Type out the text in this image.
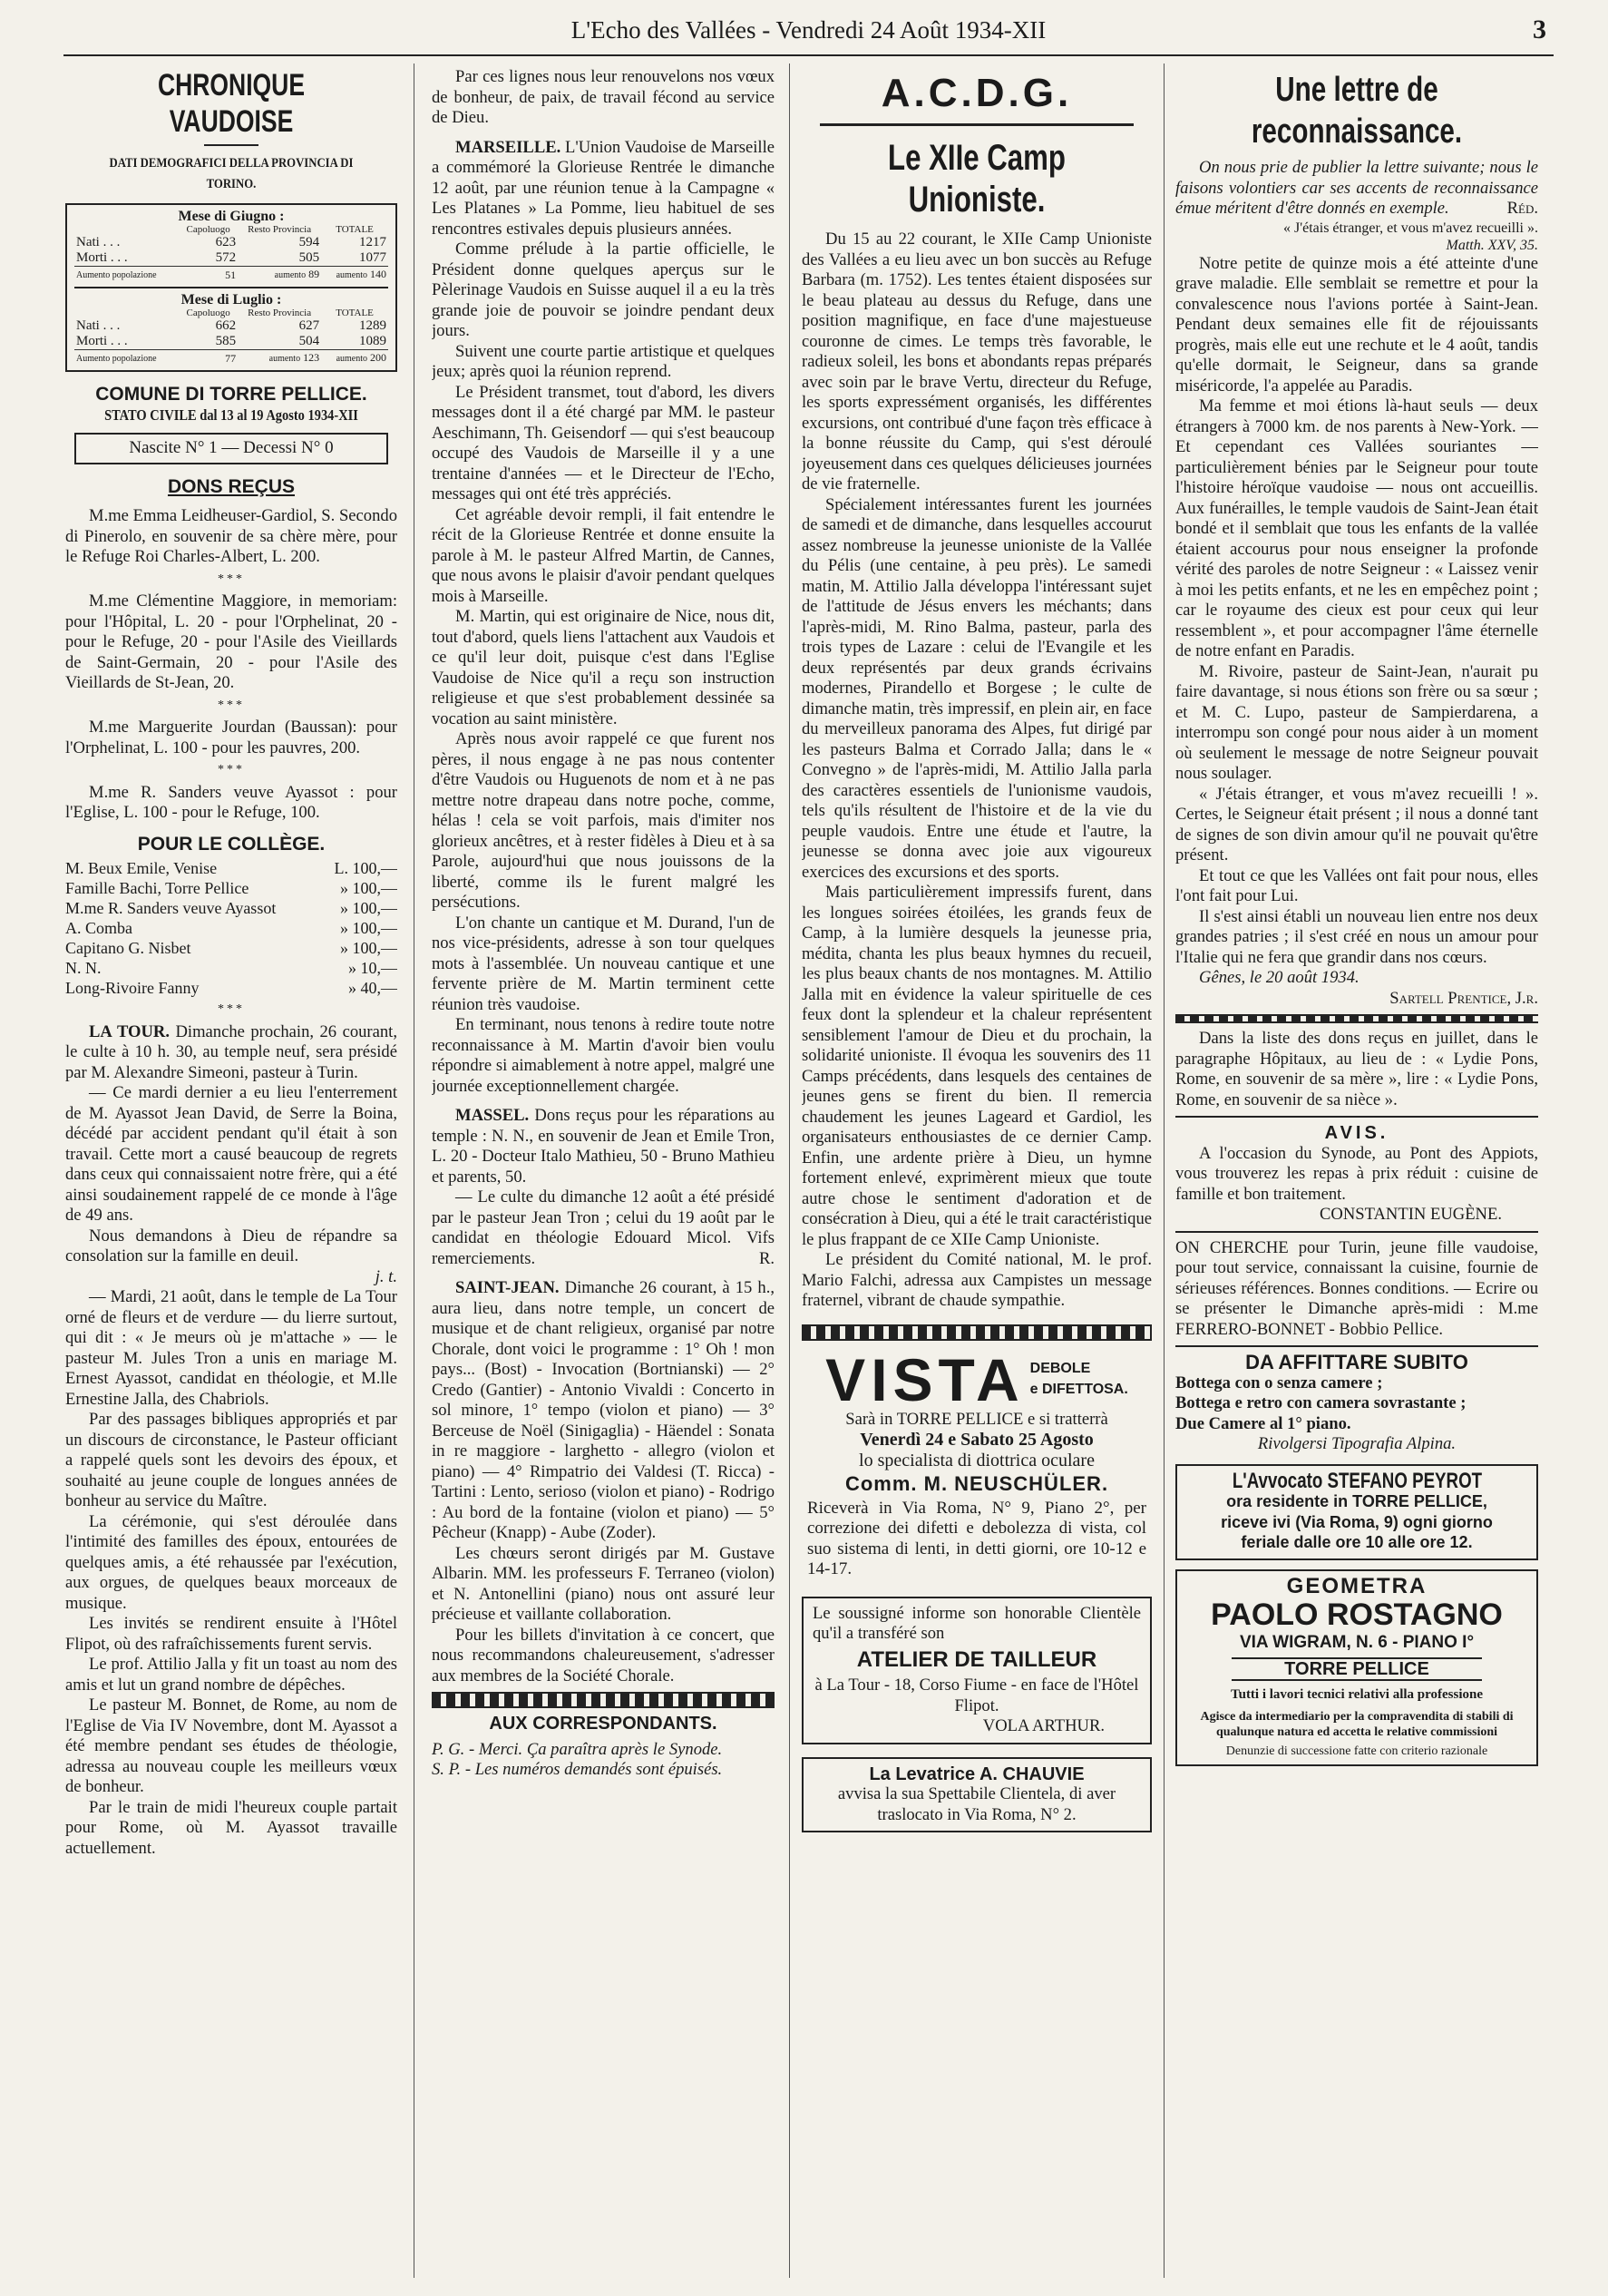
L'Echo des Vallées - Vendredi 24 Août 1934-XII	3
CHRONIQUE VAUDOISE
DATI DEMOGRAFICI DELLA PROVINCIA DI TORINO.
Mese di Giugno :			
	Capoluogo	Resto Provincia	TOTALE
Nati . . .	623	594	1217
Morti . . .	572	505	1077
Aumento popolazione	51	aumento 89	aumento 140
Mese di Luglio :			
	Capoluogo	Resto Provincia	TOTALE
Nati . . .	662	627	1289
Morti . . .	585	504	1089
Aumento popolazione	77	aumento 123	aumento 200
COMUNE DI TORRE PELLICE.
STATO CIVILE dal 13 al 19 Agosto 1934-XII
Nascite N° 1 — Decessi N° 0
DONS REÇUS

M.me Emma Leidheuser-Gardiol, S. Secondo di Pinerolo, en souvenir de sa chère mère, pour le Refuge Roi Charles-Albert, L. 200.

***

M.me Clémentine Maggiore, in memoriam: pour l'Hôpital, L. 20 - pour l'Orphelinat, 20 - pour le Refuge, 20 - pour l'Asile des Vieillards de Saint-Germain, 20 - pour l'Asile des Vieillards de St-Jean, 20.

***

M.me Marguerite Jourdan (Baussan): pour l'Orphelinat, L. 100 - pour les pauvres, 200.

***

M.me R. Sanders veuve Ayassot : pour l'Eglise, L. 100 - pour le Refuge, 100.

POUR LE COLLÈGE.
M. Beux Emile, Venise	L. 100,—
Famille Bachi, Torre Pellice	» 100,—
M.me R. Sanders veuve Ayassot	» 100,—
A. Comba	» 100,—
Capitano G. Nisbet	» 100,—
N. N.	» 10,—
Long-Rivoire Fanny	» 40,—
***

LA TOUR. Dimanche prochain, 26 courant, le culte à 10 h. 30, au temple neuf, sera présidé par M. Alexandre Simeoni, pasteur à Turin.

— Ce mardi dernier a eu lieu l'enterrement de M. Ayassot Jean David, de Serre la Boina, décédé par accident pendant qu'il était à son travail. Cette mort a causé beaucoup de regrets dans ceux qui connaissaient notre frère, qui a été ainsi soudainement rappelé de ce monde à l'âge de 49 ans.

Nous demandons à Dieu de répandre sa consolation sur la famille en deuil.

j. t.

— Mardi, 21 août, dans le temple de La Tour orné de fleurs et de verdure — du lierre surtout, qui dit : « Je meurs où je m'attache » — le pasteur M. Jules Tron a unis en mariage M. Ernest Ayassot, candidat en théologie, et M.lle Ernestine Jalla, des Chabriols.

Par des passages bibliques appropriés et par un discours de circonstance, le Pasteur officiant a rappelé quels sont les devoirs des époux, et souhaité au jeune couple de longues années de bonheur au service du Maître.

La cérémonie, qui s'est déroulée dans l'intimité des familles des époux, entourées de quelques amis, a été rehaussée par l'exécution, aux orgues, de quelques beaux morceaux de musique.

Les invités se rendirent ensuite à l'Hôtel Flipot, où des rafraîchissements furent servis.

Le prof. Attilio Jalla y fit un toast au nom des amis et lut un grand nombre de dépêches.

Le pasteur M. Bonnet, de Rome, au nom de l'Eglise de Via IV Novembre, dont M. Ayassot a été membre pendant ses études de théologie, adressa au nouveau couple les meilleurs vœux de bonheur.

Par le train de midi l'heureux couple partait pour Rome, où M. Ayassot travaille actuellement.

Par ces lignes nous leur renouvelons nos vœux de bonheur, de paix, de travail fécond au service de Dieu.

MARSEILLE. L'Union Vaudoise de Marseille a commémoré la Glorieuse Rentrée le dimanche 12 août, par une réunion tenue à la Campagne « Les Platanes » La Pomme, lieu habituel de ses rencontres estivales depuis plusieurs années.

Comme prélude à la partie officielle, le Président donne quelques aperçus sur le Pèlerinage Vaudois en Suisse auquel il a eu la très grande joie de pouvoir se joindre pendant deux jours.

Suivent une courte partie artistique et quelques jeux; après quoi la réunion reprend.

Le Président transmet, tout d'abord, les divers messages dont il a été chargé par MM. le pasteur Aeschimann, Th. Geisendorf — qui s'est beaucoup occupé des Vaudois de Marseille il y a une trentaine d'années — et le Directeur de l'Echo, messages qui ont été très appréciés.

Cet agréable devoir rempli, il fait entendre le récit de la Glorieuse Rentrée et donne ensuite la parole à M. le pasteur Alfred Martin, de Cannes, que nous avons le plaisir d'avoir pendant quelques mois à Marseille.

M. Martin, qui est originaire de Nice, nous dit, tout d'abord, quels liens l'attachent aux Vaudois et ce qu'il leur doit, puisque c'est dans l'Eglise Vaudoise de Nice qu'il a reçu son instruction religieuse et que s'est probablement dessinée sa vocation au saint ministère.

Après nous avoir rappelé ce que furent nos pères, il nous engage à ne pas nous contenter d'être Vaudois ou Huguenots de nom et à ne pas mettre notre drapeau dans notre poche, comme, hélas ! cela se voit parfois, mais d'imiter nos glorieux ancêtres, et à rester fidèles à Dieu et à sa Parole, aujourd'hui que nous jouissons de la liberté, comme ils le furent malgré les persécutions.

L'on chante un cantique et M. Durand, l'un de nos vice-présidents, adresse à son tour quelques mots à l'assemblée. Un nouveau cantique et une fervente prière de M. Martin terminent cette réunion très vaudoise.

En terminant, nous tenons à redire toute notre reconnaissance à M. Martin d'avoir bien voulu répondre si aimablement à notre appel, malgré une journée exceptionnellement chargée.

MASSEL. Dons reçus pour les réparations au temple : N. N., en souvenir de Jean et Emile Tron, L. 20 - Docteur Italo Mathieu, 50 - Bruno Mathieu et parents, 50.

— Le culte du dimanche 12 août a été présidé par le pasteur Jean Tron ; celui du 19 août par le candidat en théologie Edouard Micol. Vifs remerciements.	R.

SAINT-JEAN. Dimanche 26 courant, à 15 h., aura lieu, dans notre temple, un concert de musique et de chant religieux, organisé par notre Chorale, dont voici le programme : 1° Oh ! mon pays... (Bost) - Invocation (Bortnianski) — 2° Credo (Gantier) - Antonio Vivaldi : Concerto in sol minore, 1° tempo (violon et piano) — 3° Berceuse de Noël (Sinigaglia) - Häendel : Sonata in re maggiore - larghetto - allegro (violon et piano) — 4° Rimpatrio dei Valdesi (T. Ricca) - Tartini : Lento, serioso (violon et piano) - Rodrigo : Au bord de la fontaine (violon et piano) — 5° Pêcheur (Knapp) - Aube (Zoder).

Les chœurs seront dirigés par M. Gustave Albarin. MM. les professeurs F. Terraneo (violon) et N. Antonellini (piano) nous ont assuré leur précieuse et vaillante collaboration.

Pour les billets d'invitation à ce concert, que nous recommandons chaleureusement, s'adresser aux membres de la Société Chorale.

AUX CORRESPONDANTS.
P. G. - Merci. Ça paraîtra après le Synode.
S. P. - Les numéros demandés sont épuisés.
A.C.D.G.
Le XIIe Camp Unioniste.

Du 15 au 22 courant, le XIIe Camp Unioniste des Vallées a eu lieu avec un bon succès au Refuge Barbara (m. 1752). Les tentes étaient disposées sur le beau plateau au dessus du Refuge, dans une position magnifique, en face d'une majestueuse couronne de cimes. Le temps très favorable, le radieux soleil, les bons et abondants repas préparés avec soin par le brave Vertu, directeur du Refuge, les sports expressément organisés, les différentes excursions, ont contribué d'une façon très efficace à la bonne réussite du Camp, qui s'est déroulé joyeusement dans ces quelques délicieuses journées de vie fraternelle.

Spécialement intéressantes furent les journées de samedi et de dimanche, dans lesquelles accourut assez nombreuse la jeunesse unioniste de la Vallée du Pélis (une centaine, à peu près). Le samedi matin, M. Attilio Jalla développa l'intéressant sujet de l'attitude de Jésus envers les méchants; dans l'après-midi, M. Rino Balma, pasteur, parla des trois types de Lazare : celui de l'Evangile et les deux représentés par deux grands écrivains modernes, Pirandello et Borgese ; le culte de dimanche matin, très impressif, en plein air, en face du merveilleux panorama des Alpes, fut dirigé par les pasteurs Balma et Corrado Jalla; dans le « Convegno » de l'après-midi, M. Attilio Jalla parla des caractères essentiels de l'unionisme vaudois, tels qu'ils résultent de l'histoire et de la vie du peuple vaudois. Entre une étude et l'autre, la jeunesse se donna avec joie aux vigoureux exercices des excursions et des sports.

Mais particulièrement impressifs furent, dans les longues soirées étoilées, les grands feux de Camp, à la lumière desquels la jeunesse pria, médita, chanta les plus beaux hymnes du recueil, les plus beaux chants de nos montagnes. M. Attilio Jalla mit en évidence la valeur spirituelle de ces feux dont la splendeur et la chaleur représentent sensiblement l'amour de Dieu et du prochain, la solidarité unioniste. Il évoqua les souvenirs des 11 Camps précédents, dans lesquels des centaines de jeunes gens se firent du bien. Il remercia chaudement les jeunes Lageard et Gardiol, les organisateurs enthousiastes de ce dernier Camp. Enfin, une ardente prière à Dieu, un hymne fortement enlevé, exprimèrent mieux que toute autre chose le sentiment d'adoration et de consécration à Dieu, qui a été le trait caractéristique le plus frappant de ce XIIe Camp Unioniste.

Le président du Comité national, M. le prof. Mario Falchi, adressa aux Campistes un message fraternel, vibrant de chaude sympathie.

VISTA DEBOLE
e DIFETTOSA.
Sarà in TORRE PELLICE e si tratterrà
Venerdì 24 e Sabato 25 Agosto
lo specialista di diottrica oculare
Comm. M. NEUSCHÜLER.
Riceverà in Via Roma, N° 9, Piano 2°, per correzione dei difetti e debolezza di vista, col suo sistema di lenti, in detti giorni, ore 10-12 e 14-17.
Le soussigné informe son honorable Clientèle qu'il a transféré son
ATELIER DE TAILLEUR
à La Tour - 18, Corso Fiume - en face de l'Hôtel Flipot.
VOLA ARTHUR.
La Levatrice A. CHAUVIE
avvisa la sua Spettabile Clientela, di aver traslocato in Via Roma, N° 2.
Une lettre de reconnaissance.

On nous prie de publier la lettre suivante; nous le faisons volontiers car ses accents de reconnaissance émue méritent d'être donnés en exemple.	Réd.

« J'étais étranger, et vous m'avez recueilli ».
Matth. XXV, 35.

Notre petite de quinze mois a été atteinte d'une grave maladie. Elle semblait se remettre et pour la convalescence nous l'avions portée à Saint-Jean. Pendant deux semaines elle fit de réjouissants progrès, mais elle eut une rechute et le 4 août, tandis qu'elle dormait, le Seigneur, dans sa grande miséricorde, l'a appelée au Paradis.

Ma femme et moi étions là-haut seuls — deux étrangers à 7000 km. de nos parents à New-York. — Et cependant ces Vallées souriantes — particulièrement bénies par le Seigneur pour toute l'histoire héroïque vaudoise — nous ont accueillis. Aux funérailles, le temple vaudois de Saint-Jean était bondé et il semblait que tous les enfants de la vallée étaient accourus pour nous enseigner la profonde vérité des paroles de notre Seigneur : « Laissez venir à moi les petits enfants, et ne les en empêchez point ; car le royaume des cieux est pour ceux qui leur ressemblent », et pour accompagner l'âme éternelle de notre enfant en Paradis.

M. Rivoire, pasteur de Saint-Jean, n'aurait pu faire davantage, si nous étions son frère ou sa sœur ; et M. C. Lupo, pasteur de Sampierdarena, a interrompu son congé pour nous aider à un moment où seulement le message de notre Seigneur pouvait nous soulager.

« J'étais étranger, et vous m'avez recueilli ! ». Certes, le Seigneur était présent ; il nous a donné tant de signes de son divin amour qu'il ne pouvait qu'être présent.

Et tout ce que les Vallées ont fait pour nous, elles l'ont fait pour Lui.

Il s'est ainsi établi un nouveau lien entre nos deux grandes patries ; il s'est créé en nous un amour pour l'Italie qui ne fera que grandir dans nos cœurs.

Gênes, le 20 août 1934.

Sartell Prentice, J.r.

Dans la liste des dons reçus en juillet, dans le paragraphe Hôpitaux, au lieu de : « Lydie Pons, Rome, en souvenir de sa mère », lire : « Lydie Pons, Rome, en souvenir de sa nièce ».

AVIS.

A l'occasion du Synode, au Pont des Appiots, vous trouverez les repas à prix réduit : cuisine de famille et bon traitement.

CONSTANTIN EUGÈNE.
ON CHERCHE pour Turin, jeune fille vaudoise, pour tout service, connaissant la cuisine, fournie de sérieuses références. Bonnes conditions. — Ecrire ou se présenter le Dimanche après-midi : M.me FERRERO-BONNET - Bobbio Pellice.
DA AFFITTARE SUBITO
Bottega con o senza camere ;
Bottega e retro con camera sovrastante ;
Due Camere al 1° piano.
Rivolgersi Tipografia Alpina.
L'Avvocato STEFANO PEYROT
ora residente in TORRE PELLICE,
riceve ivi (Via Roma, 9) ogni giorno
feriale dalle ore 10 alle ore 12.
GEOMETRA
PAOLO ROSTAGNO
VIA WIGRAM, N. 6 - PIANO I°
TORRE PELLICE
Tutti i lavori tecnici relativi alla professione
Agisce da intermediario per la compravendita di stabili di qualunque natura ed accetta le relative commissioni
Denunzie di successione fatte con criterio razionale
